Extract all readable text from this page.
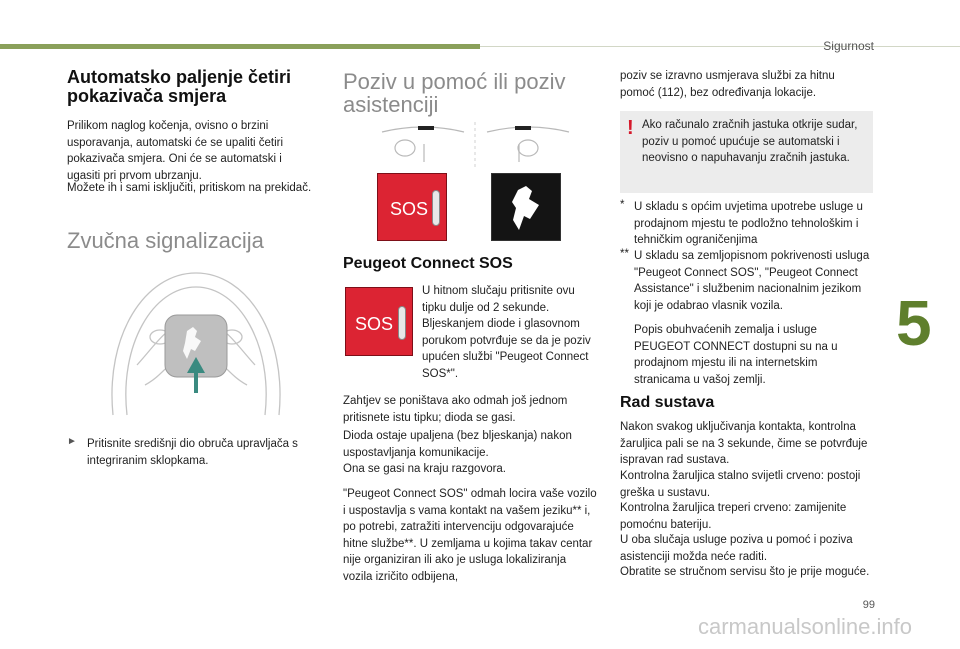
Sigurnost
5
Automatsko paljenje četiri pokazivača smjera

Prilikom naglog kočenja, ovisno o brzini usporavanja, automatski će se upaliti četiri pokazivača smjera. Oni će se automatski i ugasiti pri prvom ubrzanju.

Možete ih i sami isključiti, pritiskom na prekidač.

Zvučna signalizacija
► Pritisnite središnji dio obruča upravljača s integriranim sklopkama.

Poziv u pomoć ili poziv asistenciji
SOS
Peugeot Connect SOS
SOS

U hitnom slučaju pritisnite ovu tipku dulje od 2 sekunde. Bljeskanjem diode i glasovnom porukom potvrđuje se da je poziv upućen službi "Peugeot Connect SOS*".

Zahtjev se poništava ako odmah još jednom pritisnete istu tipku; dioda se gasi.

Dioda ostaje upaljena (bez bljeskanja) nakon uspostavljanja komunikacije.

Ona se gasi na kraju razgovora.

"Peugeot Connect SOS" odmah locira vaše vozilo i uspostavlja s vama kontakt na vašem jeziku** i, po potrebi, zatražiti intervenciju odgovarajuće hitne službe**. U zemljama u kojima takav centar nije organiziran ili ako je usluga lokaliziranja vozila izričito odbijena,

poziv se izravno usmjerava službi za hitnu pomoć (112), bez određivanja lokacije.

! Ako računalo zračnih jastuka otkrije sudar, poziv u pomoć upućuje se automatski i neovisno o napuhavanju zračnih jastuka.

* U skladu s općim uvjetima upotrebe usluge u prodajnom mjestu te podložno tehnološkim i tehničkim ograničenjima

** U skladu sa zemljopisnom pokrivenosti usluga "Peugeot Connect SOS", "Peugeot Connect Assistance" i službenim nacionalnim jezikom koji je odabrao vlasnik vozila.

Popis obuhvaćenih zemalja i usluge PEUGEOT CONNECT dostupni su na u prodajnom mjestu ili na internetskim stranicama u vašoj zemlji.

Rad sustava

Nakon svakog uključivanja kontakta, kontrolna žaruljica pali se na 3 sekunde, čime se potvrđuje ispravan rad sustava.

Kontrolna žaruljica stalno svijetli crveno: postoji greška u sustavu.

Kontrolna žaruljica treperi crveno: zamijenite pomoćnu bateriju.

U oba slučaja usluge poziva u pomoć i poziva asistenciji možda neće raditi.

Obratite se stručnom servisu što je prije moguće.

99
carmanualsonline.info
